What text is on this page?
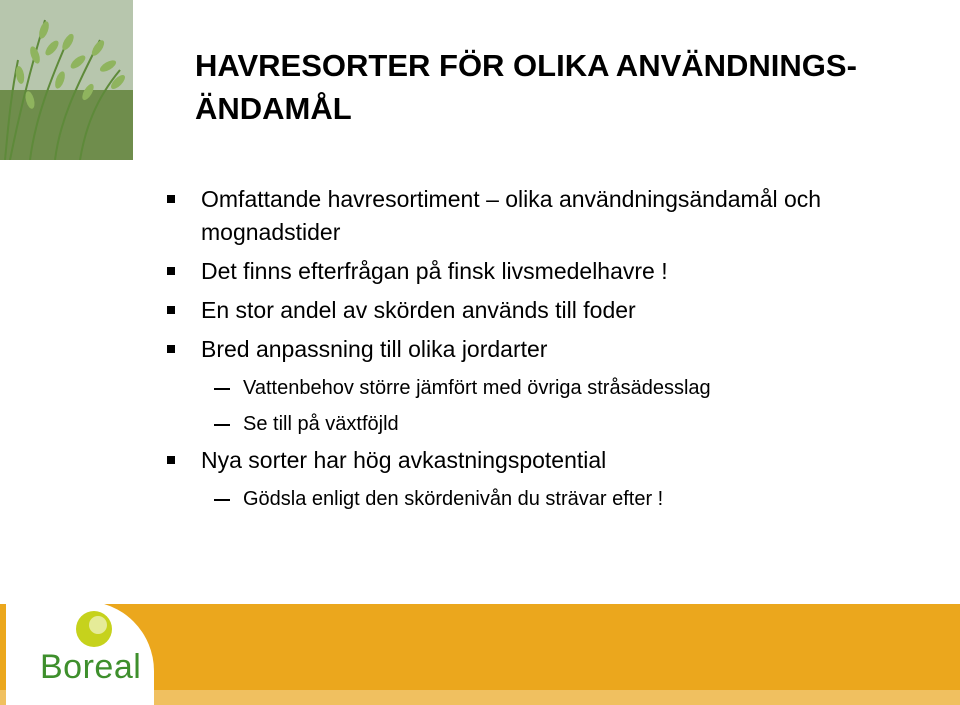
HAVRESORTER FÖR OLIKA ANVÄNDNINGS-ÄNDAMÅL
Omfattande havresortiment – olika användningsändamål och mognadstider
Det finns efterfrågan på finsk livsmedelhavre !
En stor andel av skörden används till foder
Bred anpassning till olika jordarter
Vattenbehov större jämfört med övriga stråsädesslag
Se till på växtföjld
Nya sorter har hög avkastningspotential
Gödsla enligt den skördenivån du strävar efter !
Boreal
